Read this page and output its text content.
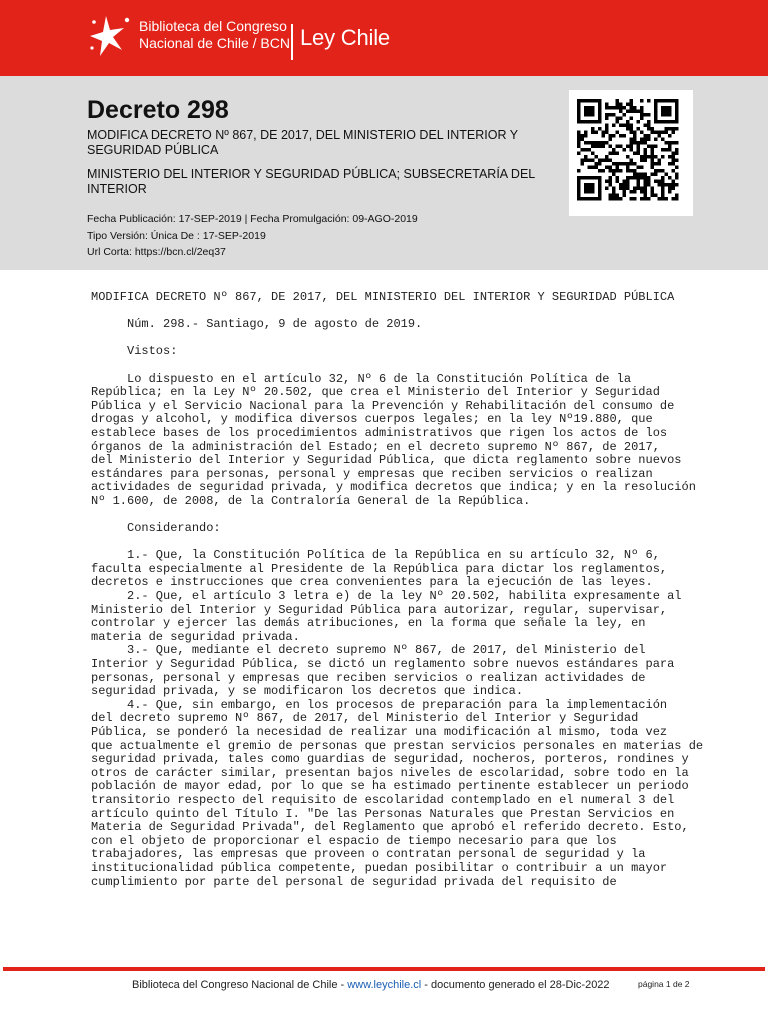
Biblioteca del Congreso
Nacional de Chile / BCN Ley Chile
Decreto 298
MODIFICA DECRETO Nº 867, DE 2017, DEL MINISTERIO DEL INTERIOR Y SEGURIDAD PÚBLICA
MINISTERIO DEL INTERIOR Y SEGURIDAD PÚBLICA; SUBSECRETARÍA DEL INTERIOR
Fecha Publicación: 17-SEP-2019 | Fecha Promulgación: 09-AGO-2019
Tipo Versión: Única De : 17-SEP-2019
Url Corta: https://bcn.cl/2eq37
MODIFICA DECRETO Nº 867, DE 2017, DEL MINISTERIO DEL INTERIOR Y SEGURIDAD PÚBLICA

Núm. 298.- Santiago, 9 de agosto de 2019.

Vistos:

Lo dispuesto en el artículo 32, Nº 6 de la Constitución Política de la
República; en la Ley Nº 20.502, que crea el Ministerio del Interior y Seguridad
Pública y el Servicio Nacional para la Prevención y Rehabilitación del consumo de
drogas y alcohol, y modifica diversos cuerpos legales; en la ley Nº19.880, que
establece bases de los procedimientos administrativos que rigen los actos de los
órganos de la administración del Estado; en el decreto supremo Nº 867, de 2017,
del Ministerio del Interior y Seguridad Pública, que dicta reglamento sobre nuevos
estándares para personas, personal y empresas que reciben servicios o realizan
actividades de seguridad privada, y modifica decretos que indica; y en la resolución
Nº 1.600, de 2008, de la Contraloría General de la República.

Considerando:

1.- Que, la Constitución Política de la República en su artículo 32, Nº 6,
faculta especialmente al Presidente de la República para dictar los reglamentos,
decretos e instrucciones que crea convenientes para la ejecución de las leyes.
2.- Que, el artículo 3 letra e) de la ley Nº 20.502, habilita expresamente al
Ministerio del Interior y Seguridad Pública para autorizar, regular, supervisar,
controlar y ejercer las demás atribuciones, en la forma que señale la ley, en
materia de seguridad privada.
3.- Que, mediante el decreto supremo Nº 867, de 2017, del Ministerio del
Interior y Seguridad Pública, se dictó un reglamento sobre nuevos estándares para
personas, personal y empresas que reciben servicios o realizan actividades de
seguridad privada, y se modificaron los decretos que indica.
4.- Que, sin embargo, en los procesos de preparación para la implementación
del decreto supremo Nº 867, de 2017, del Ministerio del Interior y Seguridad
Pública, se ponderó la necesidad de realizar una modificación al mismo, toda vez
que actualmente el gremio de personas que prestan servicios personales en materias de
seguridad privada, tales como guardias de seguridad, nocheros, porteros, rondines y
otros de carácter similar, presentan bajos niveles de escolaridad, sobre todo en la
población de mayor edad, por lo que se ha estimado pertinente establecer un periodo
transitorio respecto del requisito de escolaridad contemplado en el numeral 3 del
artículo quinto del Título I. "De las Personas Naturales que Prestan Servicios en
Materia de Seguridad Privada", del Reglamento que aprobó el referido decreto. Esto,
con el objeto de proporcionar el espacio de tiempo necesario para que los
trabajadores, las empresas que proveen o contratan personal de seguridad y la
institucionalidad pública competente, puedan posibilitar o contribuir a un mayor
cumplimiento por parte del personal de seguridad privada del requisito de
Biblioteca del Congreso Nacional de Chile - www.leychile.cl - documento generado el 28-Dic-2022	página 1 de 2
